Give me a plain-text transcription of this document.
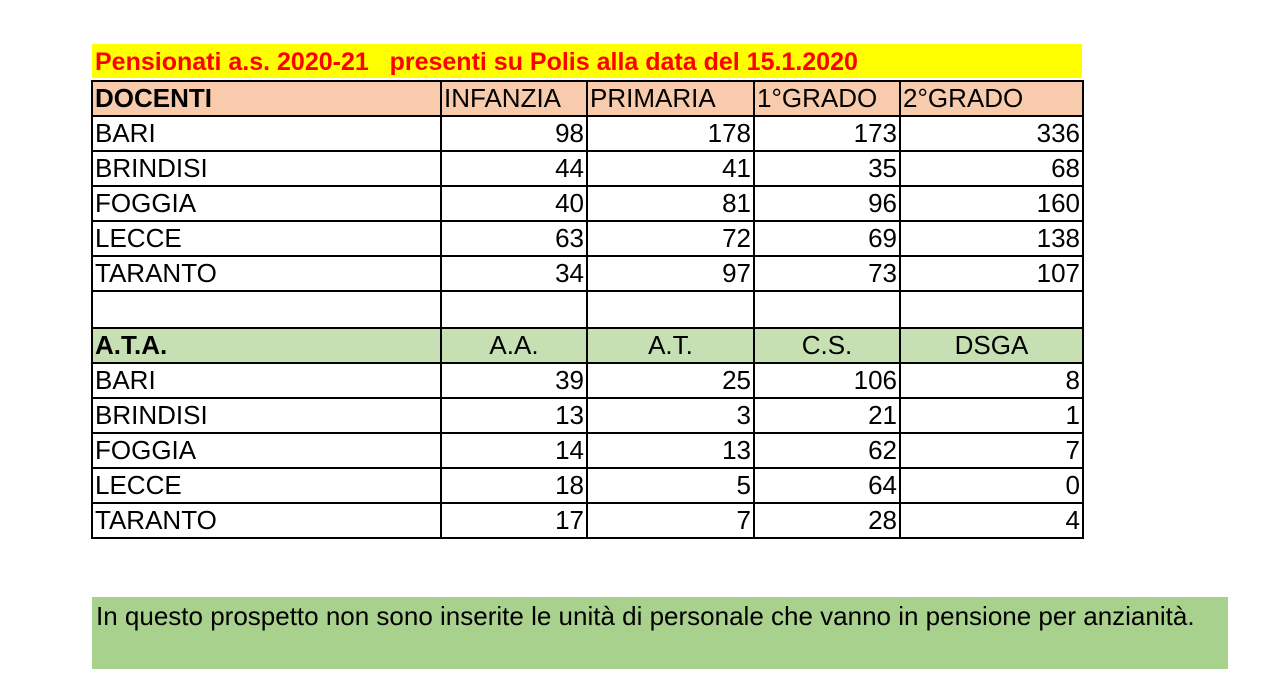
Pensionati a.s. 2020-21   presenti su Polis alla data del 15.1.2020
DOCENTI	INFANZIA	PRIMARIA	1°GRADO	2°GRADO
BARI	98	178	173	336
BRINDISI	44	41	35	68
FOGGIA	40	81	96	160
LECCE	63	72	69	138
TARANTO	34	97	73	107

A.T.A.	A.A.	A.T.	C.S.	DSGA
BARI	39	25	106	8
BRINDISI	13	3	21	1
FOGGIA	14	13	62	7
LECCE	18	5	64	0
TARANTO	17	7	28	4
In questo prospetto non sono inserite le unità di personale che vanno in pensione per anzianità.
